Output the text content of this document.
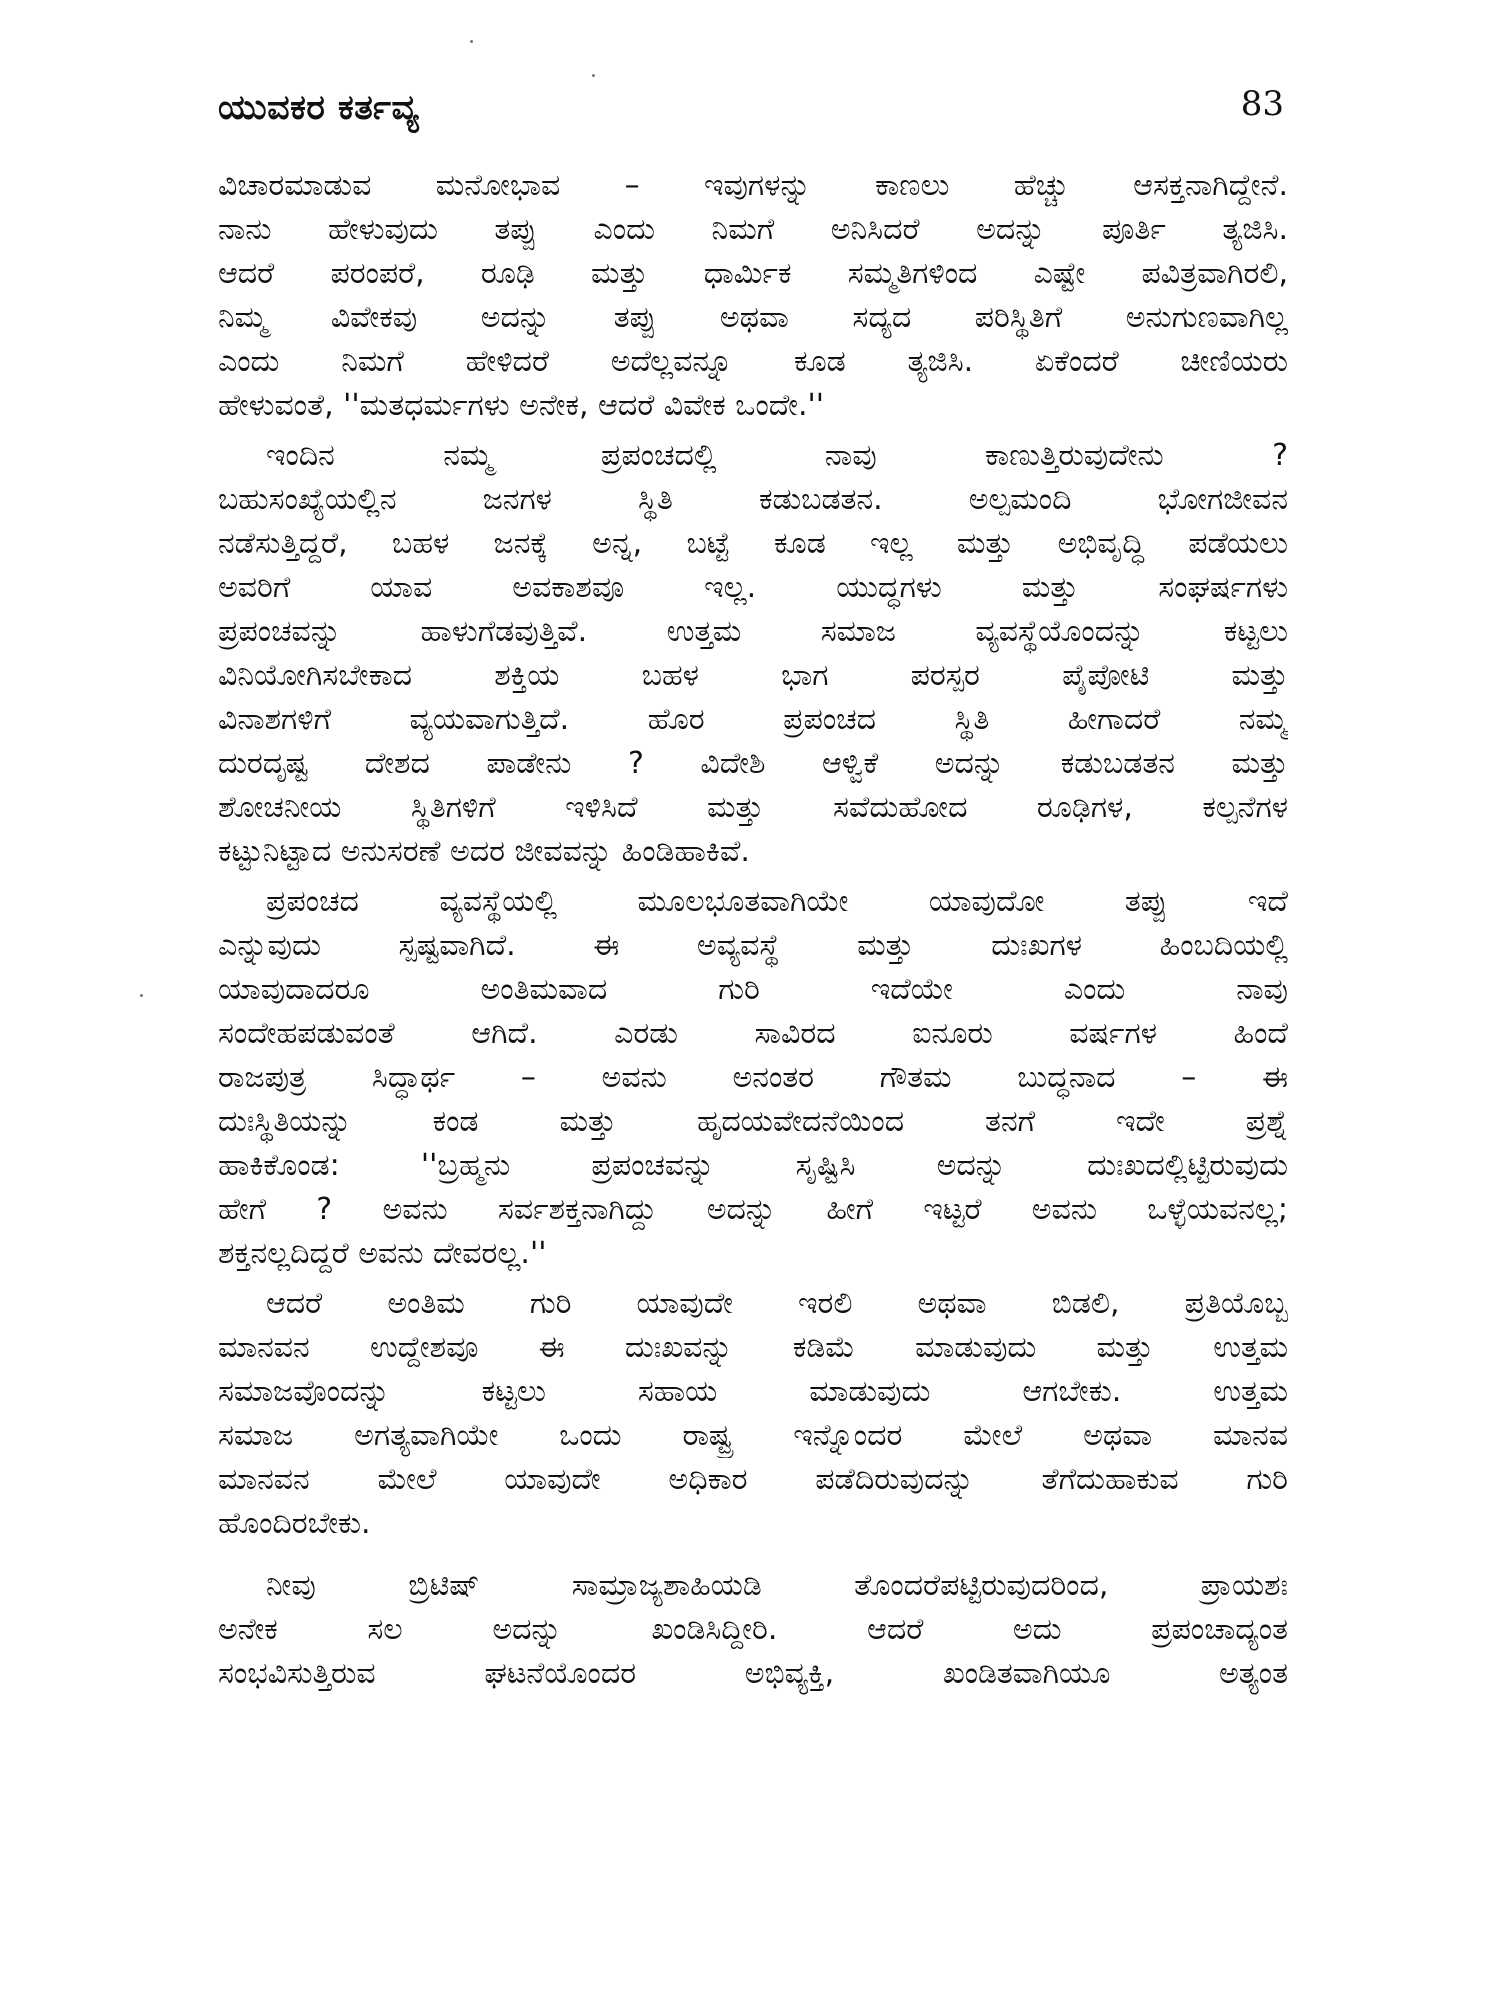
ಯುವಕರ ಕರ್ತವ್ಯ	83
ವಿಚಾರಮಾಡುವ ಮನೋಭಾವ – ಇವುಗಳನ್ನು ಕಾಣಲು ಹೆಚ್ಚು ಆಸಕ್ತನಾಗಿದ್ದೇನೆ.
ನಾನು ಹೇಳುವುದು ತಪ್ಪು ಎಂದು ನಿಮಗೆ ಅನಿಸಿದರೆ ಅದನ್ನು ಪೂರ್ತಿ ತ್ಯಜಿಸಿ.
ಆದರೆ ಪರಂಪರೆ, ರೂಢಿ ಮತ್ತು ಧಾರ್ಮಿಕ ಸಮ್ಮತಿಗಳಿಂದ ಎಷ್ಟೇ ಪವಿತ್ರವಾಗಿರಲಿ,
ನಿಮ್ಮ ವಿವೇಕವು ಅದನ್ನು ತಪ್ಪು ಅಥವಾ ಸದ್ಯದ ಪರಿಸ್ಥಿತಿಗೆ ಅನುಗುಣವಾಗಿಲ್ಲ
ಎಂದು ನಿಮಗೆ ಹೇಳಿದರೆ ಅದೆಲ್ಲವನ್ನೂ ಕೂಡ ತ್ಯಜಿಸಿ. ಏಕೆಂದರೆ ಚೀಣಿಯರು
ಹೇಳುವಂತೆ, ''ಮತಧರ್ಮಗಳು ಅನೇಕ, ಆದರೆ ವಿವೇಕ ಒಂದೇ.''
ಇಂದಿನ ನಮ್ಮ ಪ್ರಪಂಚದಲ್ಲಿ ನಾವು ಕಾಣುತ್ತಿರುವುದೇನು ?
ಬಹುಸಂಖ್ಯೆಯಲ್ಲಿನ ಜನಗಳ ಸ್ಥಿತಿ ಕಡುಬಡತನ. ಅಲ್ಪಮಂದಿ ಭೋಗಜೀವನ
ನಡೆಸುತ್ತಿದ್ದರೆ, ಬಹಳ ಜನಕ್ಕೆ ಅನ್ನ, ಬಟ್ಟೆ ಕೂಡ ಇಲ್ಲ ಮತ್ತು ಅಭಿವೃದ್ಧಿ ಪಡೆಯಲು
ಅವರಿಗೆ ಯಾವ ಅವಕಾಶವೂ ಇಲ್ಲ. ಯುದ್ಧಗಳು ಮತ್ತು ಸಂಘರ್ಷಗಳು
ಪ್ರಪಂಚವನ್ನು ಹಾಳುಗೆಡವುತ್ತಿವೆ. ಉತ್ತಮ ಸಮಾಜ ವ್ಯವಸ್ಥೆಯೊಂದನ್ನು ಕಟ್ಟಲು
ವಿನಿಯೋಗಿಸಬೇಕಾದ ಶಕ್ತಿಯ ಬಹಳ ಭಾಗ ಪರಸ್ಪರ ಪೈಪೋಟಿ ಮತ್ತು
ವಿನಾಶಗಳಿಗೆ ವ್ಯಯವಾಗುತ್ತಿದೆ. ಹೊರ ಪ್ರಪಂಚದ ಸ್ಥಿತಿ ಹೀಗಾದರೆ ನಮ್ಮ
ದುರದೃಷ್ಟ ದೇಶದ ಪಾಡೇನು ? ವಿದೇಶಿ ಆಳ್ವಿಕೆ ಅದನ್ನು ಕಡುಬಡತನ ಮತ್ತು
ಶೋಚನೀಯ ಸ್ಥಿತಿಗಳಿಗೆ ಇಳಿಸಿದೆ ಮತ್ತು ಸವೆದುಹೋದ ರೂಢಿಗಳ, ಕಲ್ಪನೆಗಳ
ಕಟ್ಟುನಿಟ್ಟಾದ ಅನುಸರಣೆ ಅದರ ಜೀವವನ್ನು ಹಿಂಡಿಹಾಕಿವೆ.
ಪ್ರಪಂಚದ ವ್ಯವಸ್ಥೆಯಲ್ಲಿ ಮೂಲಭೂತವಾಗಿಯೇ ಯಾವುದೋ ತಪ್ಪು ಇದೆ
ಎನ್ನುವುದು ಸ್ಪಷ್ಟವಾಗಿದೆ. ಈ ಅವ್ಯವಸ್ಥೆ ಮತ್ತು ದುಃಖಗಳ ಹಿಂಬದಿಯಲ್ಲಿ
ಯಾವುದಾದರೂ ಅಂತಿಮವಾದ ಗುರಿ ಇದೆಯೇ ಎಂದು ನಾವು
ಸಂದೇಹಪಡುವಂತೆ ಆಗಿದೆ. ಎರಡು ಸಾವಿರದ ಐನೂರು ವರ್ಷಗಳ ಹಿಂದೆ
ರಾಜಪುತ್ರ ಸಿದ್ಧಾರ್ಥ – ಅವನು ಅನಂತರ ಗೌತಮ ಬುದ್ಧನಾದ – ಈ
ದುಃಸ್ಥಿತಿಯನ್ನು ಕಂಡ ಮತ್ತು ಹೃದಯವೇದನೆಯಿಂದ ತನಗೆ ಇದೇ ಪ್ರಶ್ನೆ
ಹಾಕಿಕೊಂಡ: ''ಬ್ರಹ್ಮನು ಪ್ರಪಂಚವನ್ನು ಸೃಷ್ಟಿಸಿ ಅದನ್ನು ದುಃಖದಲ್ಲಿಟ್ಟಿರುವುದು
ಹೇಗೆ ? ಅವನು ಸರ್ವಶಕ್ತನಾಗಿದ್ದು ಅದನ್ನು ಹೀಗೆ ಇಟ್ಟರೆ ಅವನು ಒಳ್ಳೆಯವನಲ್ಲ;
ಶಕ್ತನಲ್ಲದಿದ್ದರೆ ಅವನು ದೇವರಲ್ಲ.''
ಆದರೆ ಅಂತಿಮ ಗುರಿ ಯಾವುದೇ ಇರಲಿ ಅಥವಾ ಬಿಡಲಿ, ಪ್ರತಿಯೊಬ್ಬ
ಮಾನವನ ಉದ್ದೇಶವೂ ಈ ದುಃಖವನ್ನು ಕಡಿಮೆ ಮಾಡುವುದು ಮತ್ತು ಉತ್ತಮ
ಸಮಾಜವೊಂದನ್ನು ಕಟ್ಟಲು ಸಹಾಯ ಮಾಡುವುದು ಆಗಬೇಕು. ಉತ್ತಮ
ಸಮಾಜ ಅಗತ್ಯವಾಗಿಯೇ ಒಂದು ರಾಷ್ಟ್ರ ಇನ್ನೊಂದರ ಮೇಲೆ ಅಥವಾ ಮಾನವ
ಮಾನವನ ಮೇಲೆ ಯಾವುದೇ ಅಧಿಕಾರ ಪಡೆದಿರುವುದನ್ನು ತೆಗೆದುಹಾಕುವ ಗುರಿ
ಹೊಂದಿರಬೇಕು.
ನೀವು ಬ್ರಿಟಿಷ್ ಸಾಮ್ರಾಜ್ಯಶಾಹಿಯಡಿ ತೊಂದರೆಪಟ್ಟಿರುವುದರಿಂದ, ಪ್ರಾಯಶಃ
ಅನೇಕ ಸಲ ಅದನ್ನು ಖಂಡಿಸಿದ್ದೀರಿ. ಆದರೆ ಅದು ಪ್ರಪಂಚಾದ್ಯಂತ
ಸಂಭವಿಸುತ್ತಿರುವ ಘಟನೆಯೊಂದರ ಅಭಿವ್ಯಕ್ತಿ, ಖಂಡಿತವಾಗಿಯೂ ಅತ್ಯಂತ
